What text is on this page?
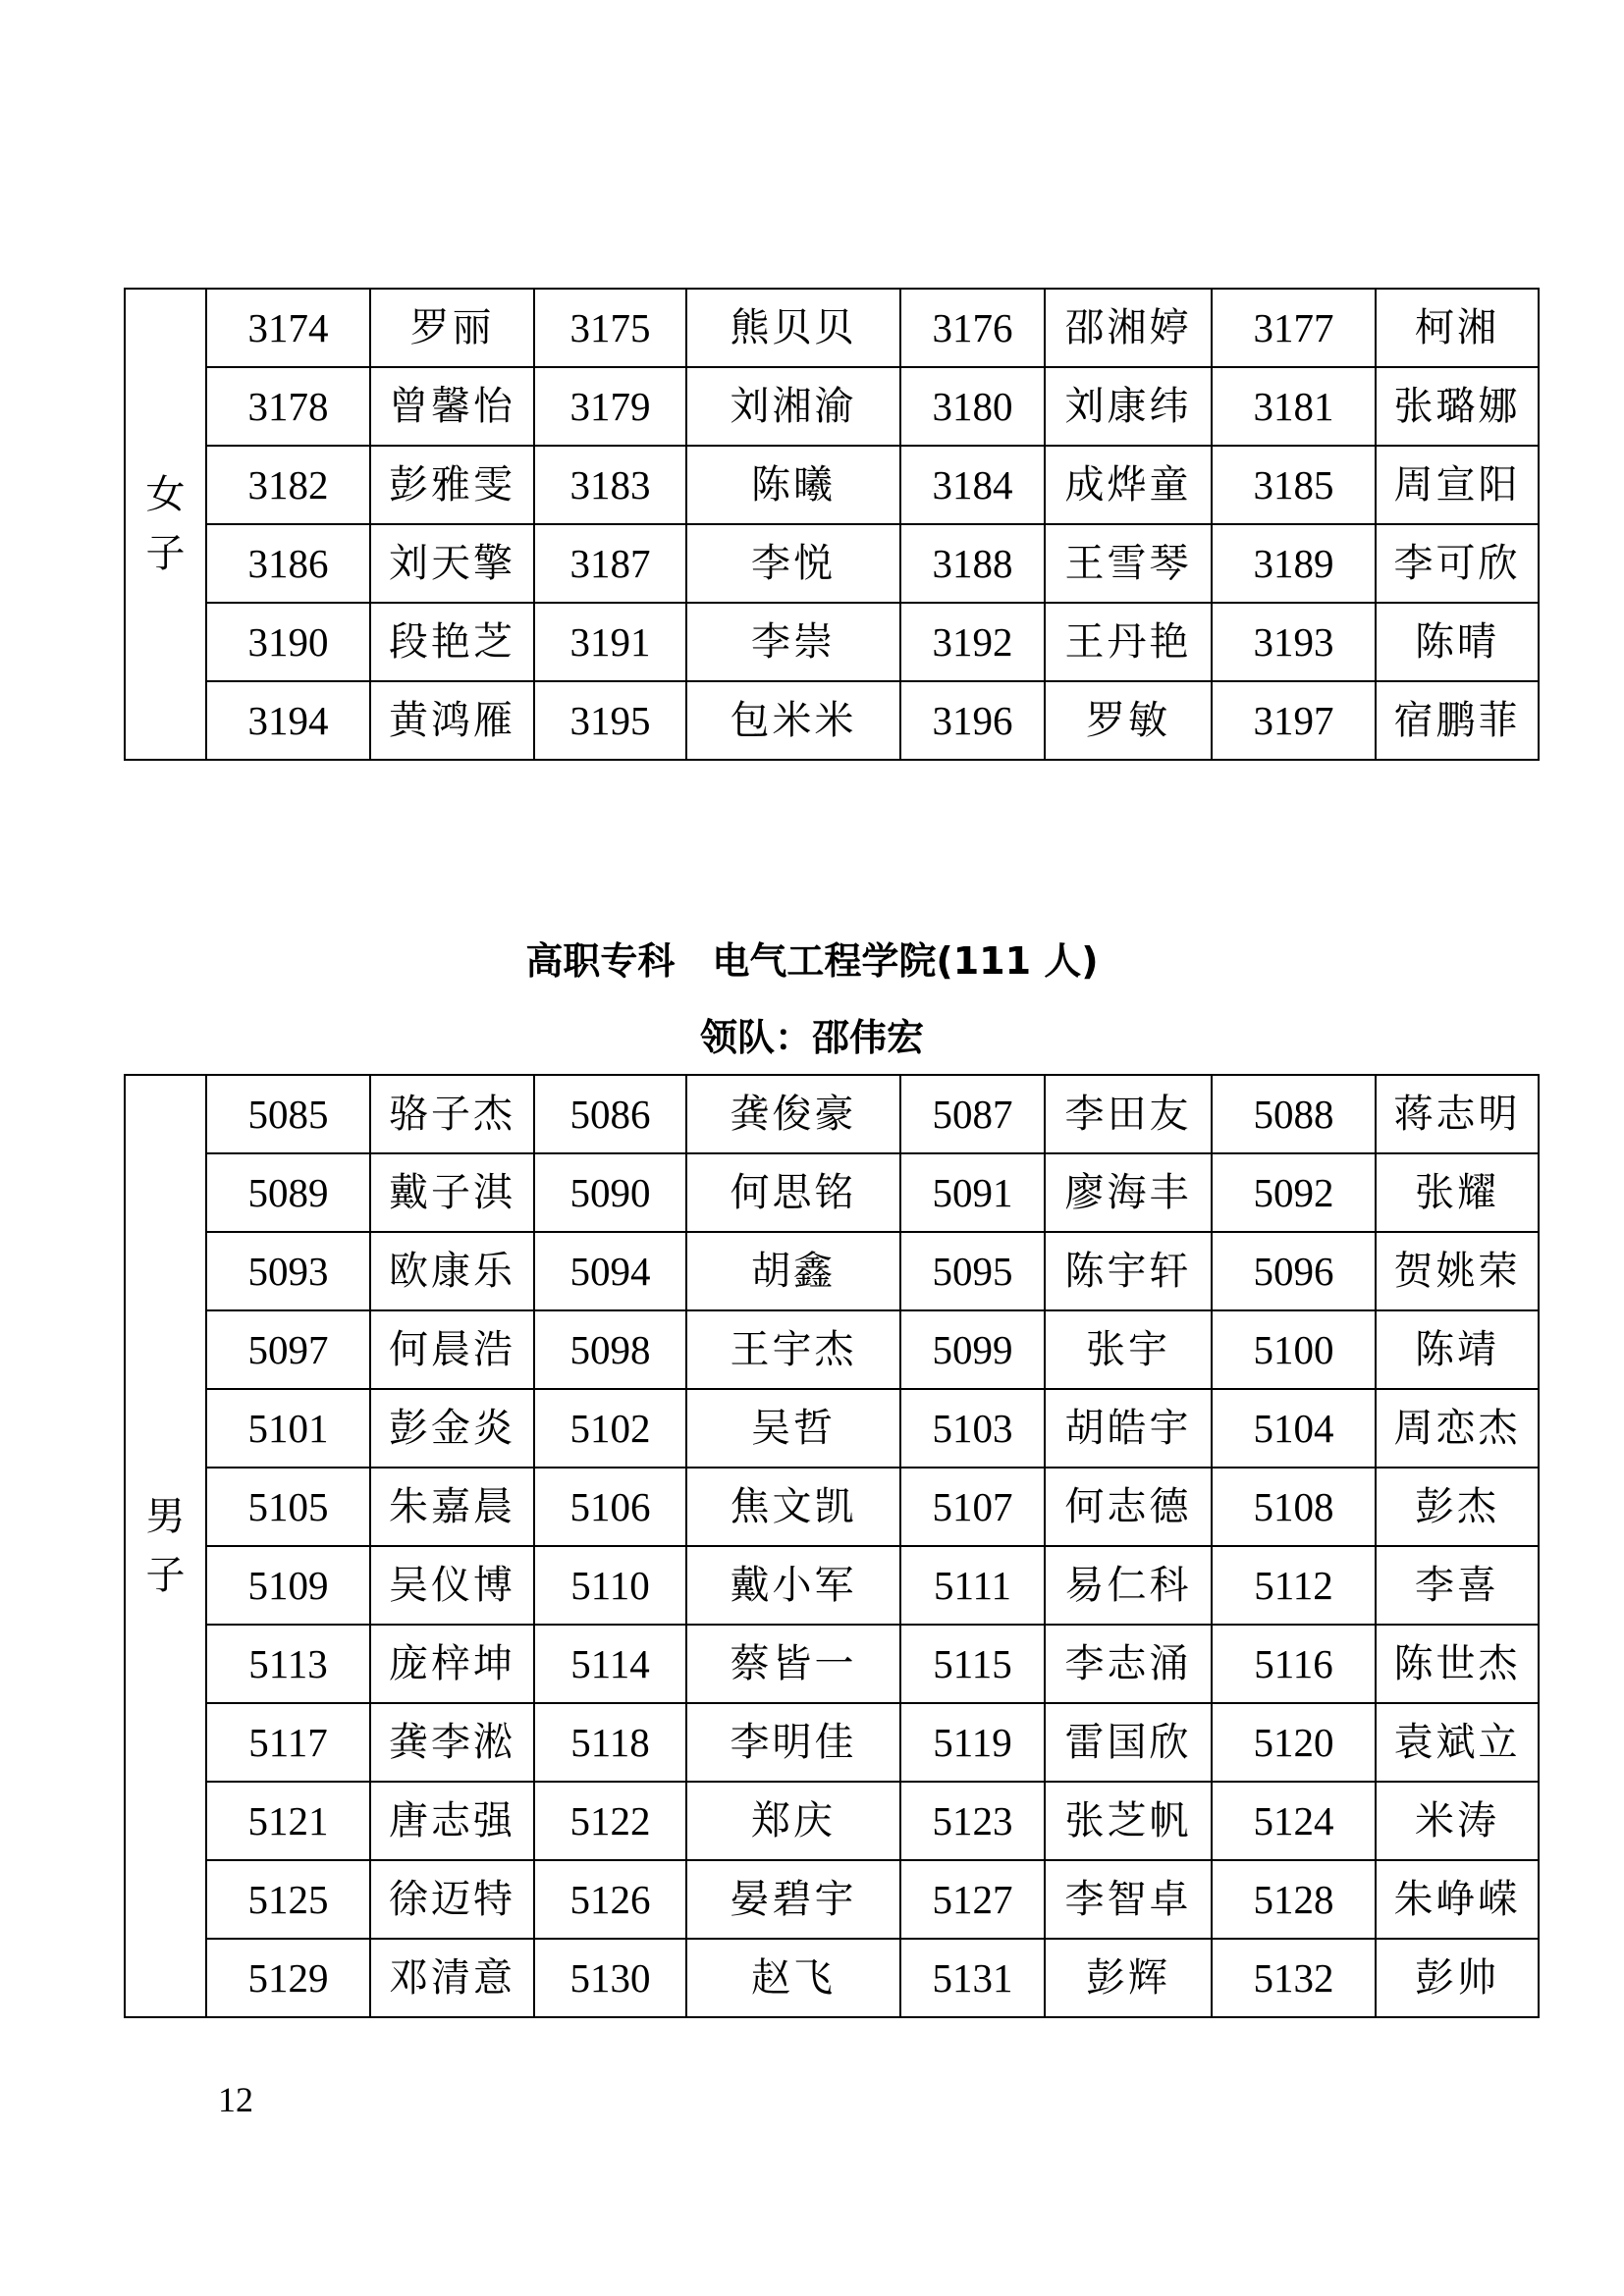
女
子	3174	罗丽	3175	熊贝贝	3176	邵湘婷	3177	柯湘
	3178	曾馨怡	3179	刘湘渝	3180	刘康纬	3181	张璐娜
	3182	彭雅雯	3183	陈曦	3184	成烨童	3185	周宣阳
	3186	刘天擎	3187	李悦	3188	王雪琴	3189	李可欣
	3190	段艳芝	3191	李崇	3192	王丹艳	3193	陈晴
	3194	黄鸿雁	3195	包米米	3196	罗敏	3197	宿鹏菲
高职专科　电气工程学院(111 人)
领队：邵伟宏
男
子	5085	骆子杰	5086	龚俊豪	5087	李田友	5088	蒋志明
	5089	戴子淇	5090	何思铭	5091	廖海丰	5092	张耀
	5093	欧康乐	5094	胡鑫	5095	陈宇轩	5096	贺姚荣
	5097	何晨浩	5098	王宇杰	5099	张宇	5100	陈靖
	5101	彭金炎	5102	吴哲	5103	胡皓宇	5104	周恋杰
	5105	朱嘉晨	5106	焦文凯	5107	何志德	5108	彭杰
	5109	吴仪博	5110	戴小军	5111	易仁科	5112	李喜
	5113	庞梓坤	5114	蔡皆一	5115	李志涌	5116	陈世杰
	5117	龚李淞	5118	李明佳	5119	雷国欣	5120	袁斌立
	5121	唐志强	5122	郑庆	5123	张芝帆	5124	米涛
	5125	徐迈特	5126	晏碧宇	5127	李智卓	5128	朱峥嵘
	5129	邓清意	5130	赵飞	5131	彭辉	5132	彭帅
12
